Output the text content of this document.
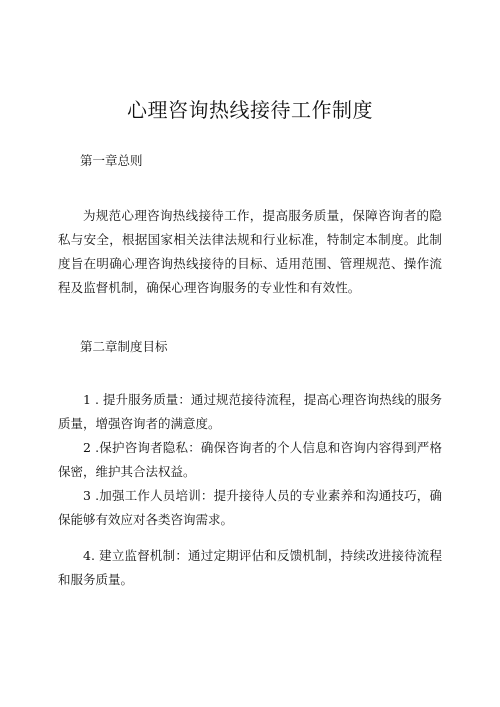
心理咨询热线接待工作制度

第一章总则

为规范心理咨询热线接待工作，提高服务质量，保障咨询者的隐私与安全，根据国家相关法律法规和行业标准，特制定本制度。此制度旨在明确心理咨询热线接待的目标、适用范围、管理规范、操作流程及监督机制，确保心理咨询服务的专业性和有效性。

第二章制度目标

1 . 提升服务质量：通过规范接待流程，提高心理咨询热线的服务质量，增强咨询者的满意度。

2 .保护咨询者隐私：确保咨询者的个人信息和咨询内容得到严格保密，维护其合法权益。

3 .加强工作人员培训：提升接待人员的专业素养和沟通技巧，确保能够有效应对各类咨询需求。

4. 建立监督机制：通过定期评估和反馈机制，持续改进接待流程和服务质量。
